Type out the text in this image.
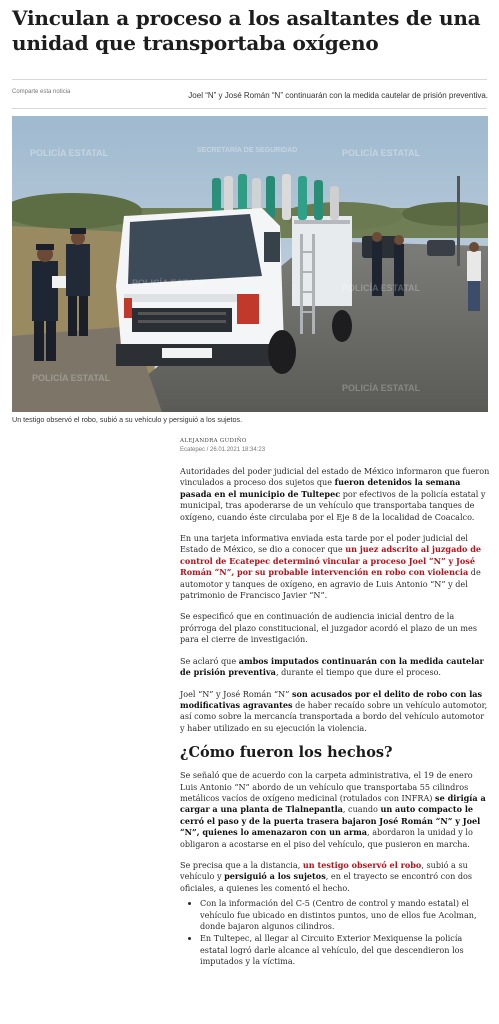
Vinculan a proceso a los asaltantes de una unidad que transportaba oxígeno
Comparte esta noticia	Joel “N” y José Román “N” continuarán con la medida cautelar de prisión preventiva.
POLICÍA ESTATAL	SECRETARÍA DE SEGURIDAD	POLICÍA ESTATAL
POLICÍA ESTATAL	POLICÍA ESTATAL
POLICÍA ESTATAL
POLICÍA ESTATAL
Un testigo observó el robo, subió a su vehículo y persiguió a los sujetos.
ALEJANDRA GUDIÑO
Ecatepec / 26.01.2021 18:34:23

Autoridades del poder judicial del estado de México informaron que fueron vinculados a proceso dos sujetos que fueron detenidos la semana pasada en el municipio de Tultepec por efectivos de la policía estatal y municipal, tras apoderarse de un vehículo que transportaba tanques de oxígeno, cuando éste circulaba por el Eje 8 de la localidad de Coacalco.

En una tarjeta informativa enviada esta tarde por el poder judicial del Estado de México, se dio a conocer que un juez adscrito al juzgado de control de Ecatepec determinó vincular a proceso Joel “N” y José Román “N”, por su probable intervención en robo con violencia de automotor y tanques de oxígeno, en agravio de Luis Antonio “N” y del patrimonio de Francisco Javier “N”.

Se especificó que en continuación de audiencia inicial dentro de la prórroga del plazo constitucional, el juzgador acordó el plazo de un mes para el cierre de investigación.

Se aclaró que ambos imputados continuarán con la medida cautelar de prisión preventiva, durante el tiempo que dure el proceso.

Joel “N” y José Román “N” son acusados por el delito de robo con las modificativas agravantes de haber recaído sobre un vehículo automotor, así como sobre la mercancía transportada a bordo del vehículo automotor y haber utilizado en su ejecución la violencia.

¿Cómo fueron los hechos?

Se señaló que de acuerdo con la carpeta administrativa, el 19 de enero Luis Antonio “N” abordo de un vehículo que transportaba 55 cilindros metálicos vacíos de oxígeno medicinal (rotulados con INFRA) se dirigía a cargar a una planta de Tlalnepantla, cuando un auto compacto le cerró el paso y de la puerta trasera bajaron José Román “N” y Joel “N”, quienes lo amenazaron con un arma, abordaron la unidad y lo obligaron a acostarse en el piso del vehículo, que pusieron en marcha.

Se precisa que a la distancia, un testigo observó el robo, subió a su vehículo y persiguió a los sujetos, en el trayecto se encontró con dos oficiales, a quienes les comentó el hecho.

• Con la información del C-5 (Centro de control y mando estatal) el vehículo fue ubicado en distintos puntos, uno de ellos fue Acolman, donde bajaron algunos cilindros.
• En Tultepec, al llegar al Circuito Exterior Mexiquense la policía estatal logró darle alcance al vehículo, del que descendieron los imputados y la víctima.
